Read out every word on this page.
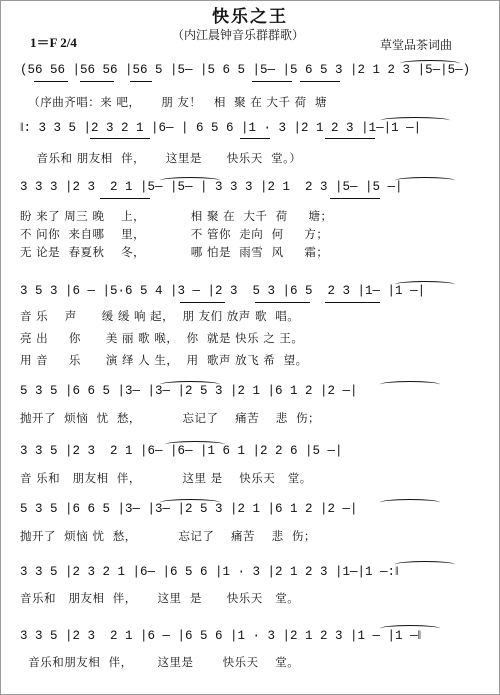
快乐之王
（内江晨钟音乐群群歌）
1＝F 2/4	草堂品茶词曲
(56 56 |56 56 |56 5 |5— |5 6 5 |5— |5 6 5 3 |2 1 2 3 |5—|5—)
（序曲齐唱：来 吧，     朋 友！   相  聚 在 大千 荷  塘
‖: 3 3 5 |2 3 2 1 |6— | 6 5 6 |1 · 3 |2 1 2 3 |1—|1 —|
音乐和 朋友相  伴，     这里是      快乐天  堂。）
3 3 3 |2 3  2 1 |5— |5— | 3 3 3 |2 1  2 3 |5— |5 —|
盼 来了 周三 晚    上，           相 聚 在  大千  荷     塘；
不 问你  来自哪    里，           不 管你  走向  何     方；
无 论是  春夏秋    冬，           哪 怕是  雨雪  风     霜；
3 5 3 |6 — |5·6 5 4 |3 — |2 3  5 3 |6 5  2 3 |1— |1 —|
音 乐    声      缓 缓 响 起，  朋 友们 放声 歌  唱。
亮 出     你      美 丽 歌 喉，  你  就是 快乐 之 王。
用 音     乐      演 绎 人 生，  用  歌声 放飞 希  望。
5 3 5 |6 6 5 |3— |3— |2 5 3 |2 1 |6 1 2 |2 —|
抛开了  烦恼  忧  愁，          忘记了    痛苦    悲  伤；
3 3 5 |2 3  2 1 |6— |6— |1 6 1 |2 2 6 |5 —|
音 乐和   朋友相  伴，          这里 是    快乐天   堂。
5 3 5 |6 6 5 |3— |3— |2 5 3 |2 1 |6 1 2 |2 —|
抛开了  烦恼 忧  愁，          忘记了    痛苦    悲  伤；
3 3 5 |2 3 2 1 |6— |6 5 6 |1 · 3 |2 1 2 3 |1—|1 —:‖
音乐和   朋友相  伴，     这里  是      快乐天   堂。
3 3 5 |2 3  2 1 |6 — |6 5 6 |1 · 3 |2 1 2 3 |1 — |1 —‖
音乐和朋友相  伴，      这里是       快乐天    堂。
